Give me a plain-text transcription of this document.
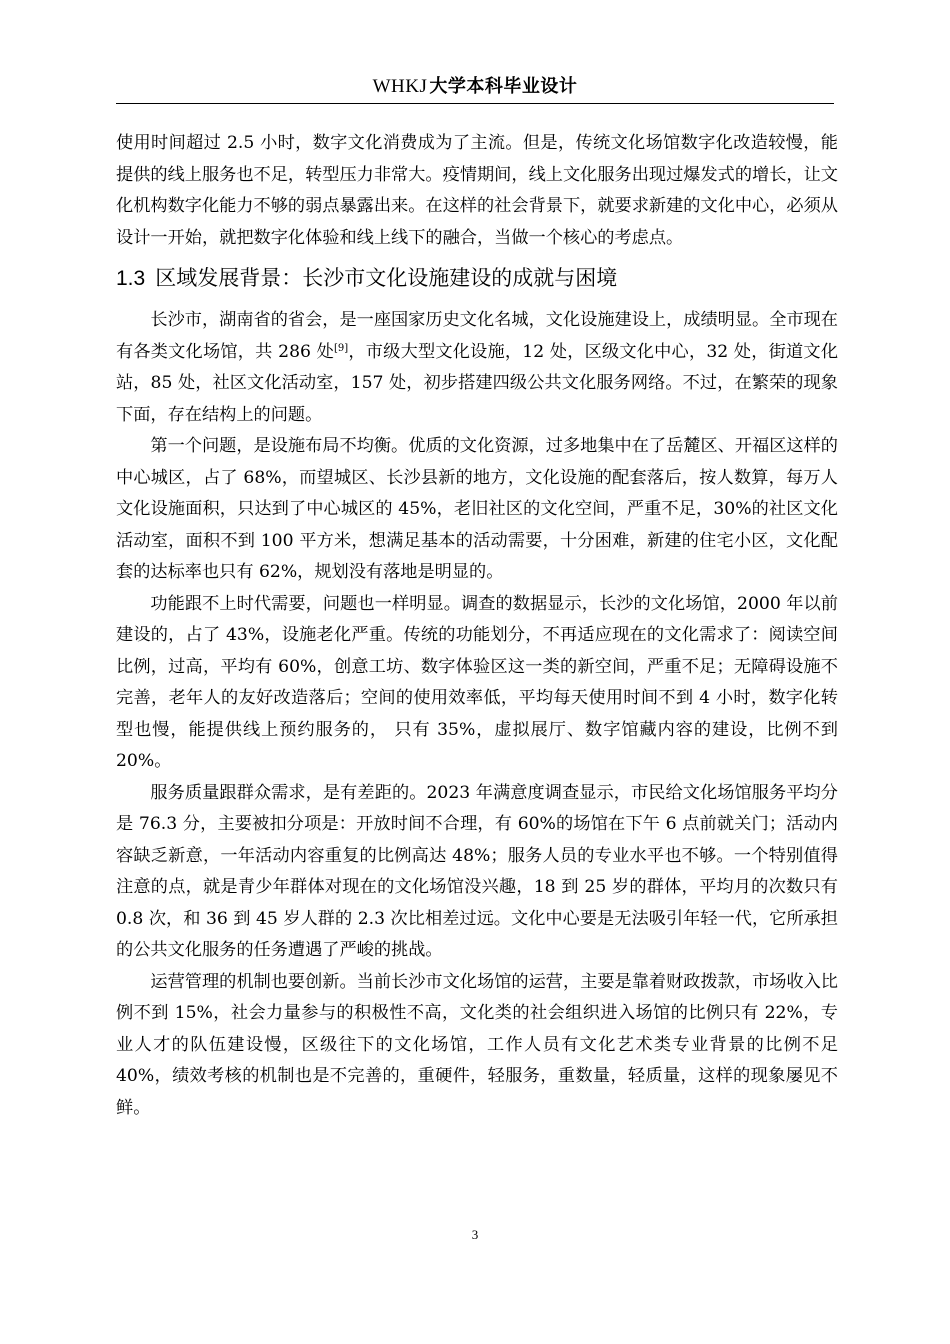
WHKJ 大学本科毕业设计

使用时间超过 2.5 小时，数字文化消费成为了主流。但是，传统文化场馆数字化改造较慢，能提供的线上服务也不足，转型压力非常大。疫情期间，线上文化服务出现过爆发式的增长，让文化机构数字化能力不够的弱点暴露出来。在这样的社会背景下，就要求新建的文化中心，必须从设计一开始，就把数字化体验和线上线下的融合，当做一个核心的考虑点。

1.3 区域发展背景：长沙市文化设施建设的成就与困境

长沙市，湖南省的省会，是一座国家历史文化名城，文化设施建设上，成绩明显。全市现在有各类文化场馆，共 286 处[9]，市级大型文化设施，12 处，区级文化中心，32 处，街道文化站，85 处，社区文化活动室，157 处，初步搭建四级公共文化服务网络。不过，在繁荣的现象下面，存在结构上的问题。

第一个问题，是设施布局不均衡。优质的文化资源，过多地集中在了岳麓区、开福区这样的中心城区，占了 68%，而望城区、长沙县新的地方，文化设施的配套落后，按人数算，每万人文化设施面积，只达到了中心城区的 45%，老旧社区的文化空间，严重不足，30%的社区文化活动室，面积不到 100 平方米，想满足基本的活动需要，十分困难，新建的住宅小区，文化配套的达标率也只有 62%，规划没有落地是明显的。

功能跟不上时代需要，问题也一样明显。调查的数据显示，长沙的文化场馆，2000 年以前建设的，占了 43%，设施老化严重。传统的功能划分，不再适应现在的文化需求了：阅读空间比例，过高，平均有 60%，创意工坊、数字体验区这一类的新空间，严重不足；无障碍设施不完善，老年人的友好改造落后；空间的使用效率低，平均每天使用时间不到 4 小时，数字化转型也慢，能提供线上预约服务的， 只有 35%，虚拟展厅、数字馆藏内容的建设，比例不到 20%。

服务质量跟群众需求，是有差距的。2023 年满意度调查显示，市民给文化场馆服务平均分是 76.3 分，主要被扣分项是：开放时间不合理，有 60%的场馆在下午 6 点前就关门；活动内容缺乏新意，一年活动内容重复的比例高达 48%；服务人员的专业水平也不够。一个特别值得注意的点，就是青少年群体对现在的文化场馆没兴趣，18 到 25 岁的群体，平均月的次数只有 0.8 次，和 36 到 45 岁人群的 2.3 次比相差过远。文化中心要是无法吸引年轻一代，它所承担的公共文化服务的任务遭遇了严峻的挑战。

运营管理的机制也要创新。当前长沙市文化场馆的运营，主要是靠着财政拨款，市场收入比例不到 15%，社会力量参与的积极性不高，文化类的社会组织进入场馆的比例只有 22%，专业人才的队伍建设慢，区级往下的文化场馆，工作人员有文化艺术类专业背景的比例不足 40%，绩效考核的机制也是不完善的，重硬件，轻服务，重数量，轻质量，这样的现象屡见不鲜。

3
